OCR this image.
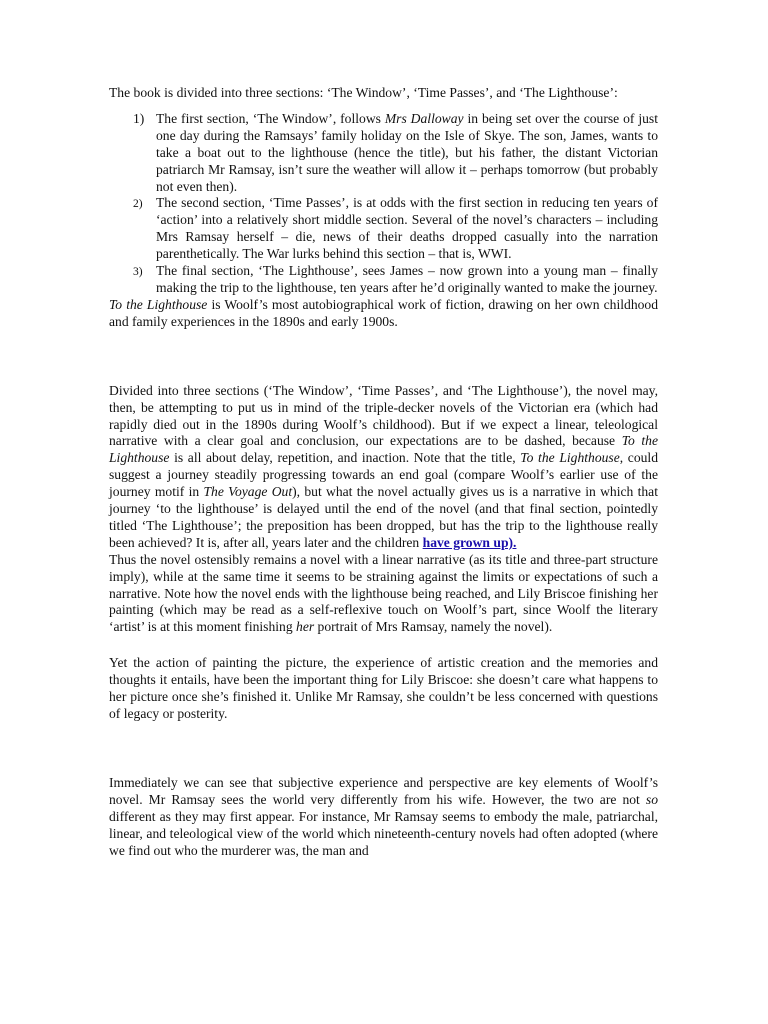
The book is divided into three sections: ‘The Window’, ‘Time Passes’, and ‘The Lighthouse’:

1) The first section, ‘The Window’, follows Mrs Dalloway in being set over the course of just one day during the Ramsays’ family holiday on the Isle of Skye. The son, James, wants to take a boat out to the lighthouse (hence the title), but his father, the distant Victorian patriarch Mr Ramsay, isn’t sure the weather will allow it – perhaps tomorrow (but probably not even then).
2) The second section, ‘Time Passes’, is at odds with the first section in reducing ten years of ‘action’ into a relatively short middle section. Several of the novel’s characters – including Mrs Ramsay herself – die, news of their deaths dropped casually into the narration parenthetically. The War lurks behind this section – that is, WWI.
3) The final section, ‘The Lighthouse’, sees James – now grown into a young man – finally making the trip to the lighthouse, ten years after he’d originally wanted to make the journey.

To the Lighthouse is Woolf’s most autobiographical work of fiction, drawing on her own childhood and family experiences in the 1890s and early 1900s.

Divided into three sections (‘The Window’, ‘Time Passes’, and ‘The Lighthouse’), the novel may, then, be attempting to put us in mind of the triple-decker novels of the Victorian era (which had rapidly died out in the 1890s during Woolf’s childhood). But if we expect a linear, teleological narrative with a clear goal and conclusion, our expectations are to be dashed, because To the Lighthouse is all about delay, repetition, and inaction. Note that the title, To the Lighthouse, could suggest a journey steadily progressing towards an end goal (compare Woolf’s earlier use of the journey motif in The Voyage Out), but what the novel actually gives us is a narrative in which that journey ‘to the lighthouse’ is delayed until the end of the novel (and that final section, pointedly titled ‘The Lighthouse’; the preposition has been dropped, but has the trip to the lighthouse really been achieved? It is, after all, years later and the children have grown up).

Thus the novel ostensibly remains a novel with a linear narrative (as its title and three-part structure imply), while at the same time it seems to be straining against the limits or expectations of such a narrative. Note how the novel ends with the lighthouse being reached, and Lily Briscoe finishing her painting (which may be read as a self-reflexive touch on Woolf’s part, since Woolf the literary ‘artist’ is at this moment finishing her portrait of Mrs Ramsay, namely the novel).

Yet the action of painting the picture, the experience of artistic creation and the memories and thoughts it entails, have been the important thing for Lily Briscoe: she doesn’t care what happens to her picture once she’s finished it. Unlike Mr Ramsay, she couldn’t be less concerned with questions of legacy or posterity.

Immediately we can see that subjective experience and perspective are key elements of Woolf’s novel. Mr Ramsay sees the world very differently from his wife. However, the two are not so different as they may first appear. For instance, Mr Ramsay seems to embody the male, patriarchal, linear, and teleological view of the world which nineteenth-century novels had often adopted (where we find out who the murderer was, the man and
